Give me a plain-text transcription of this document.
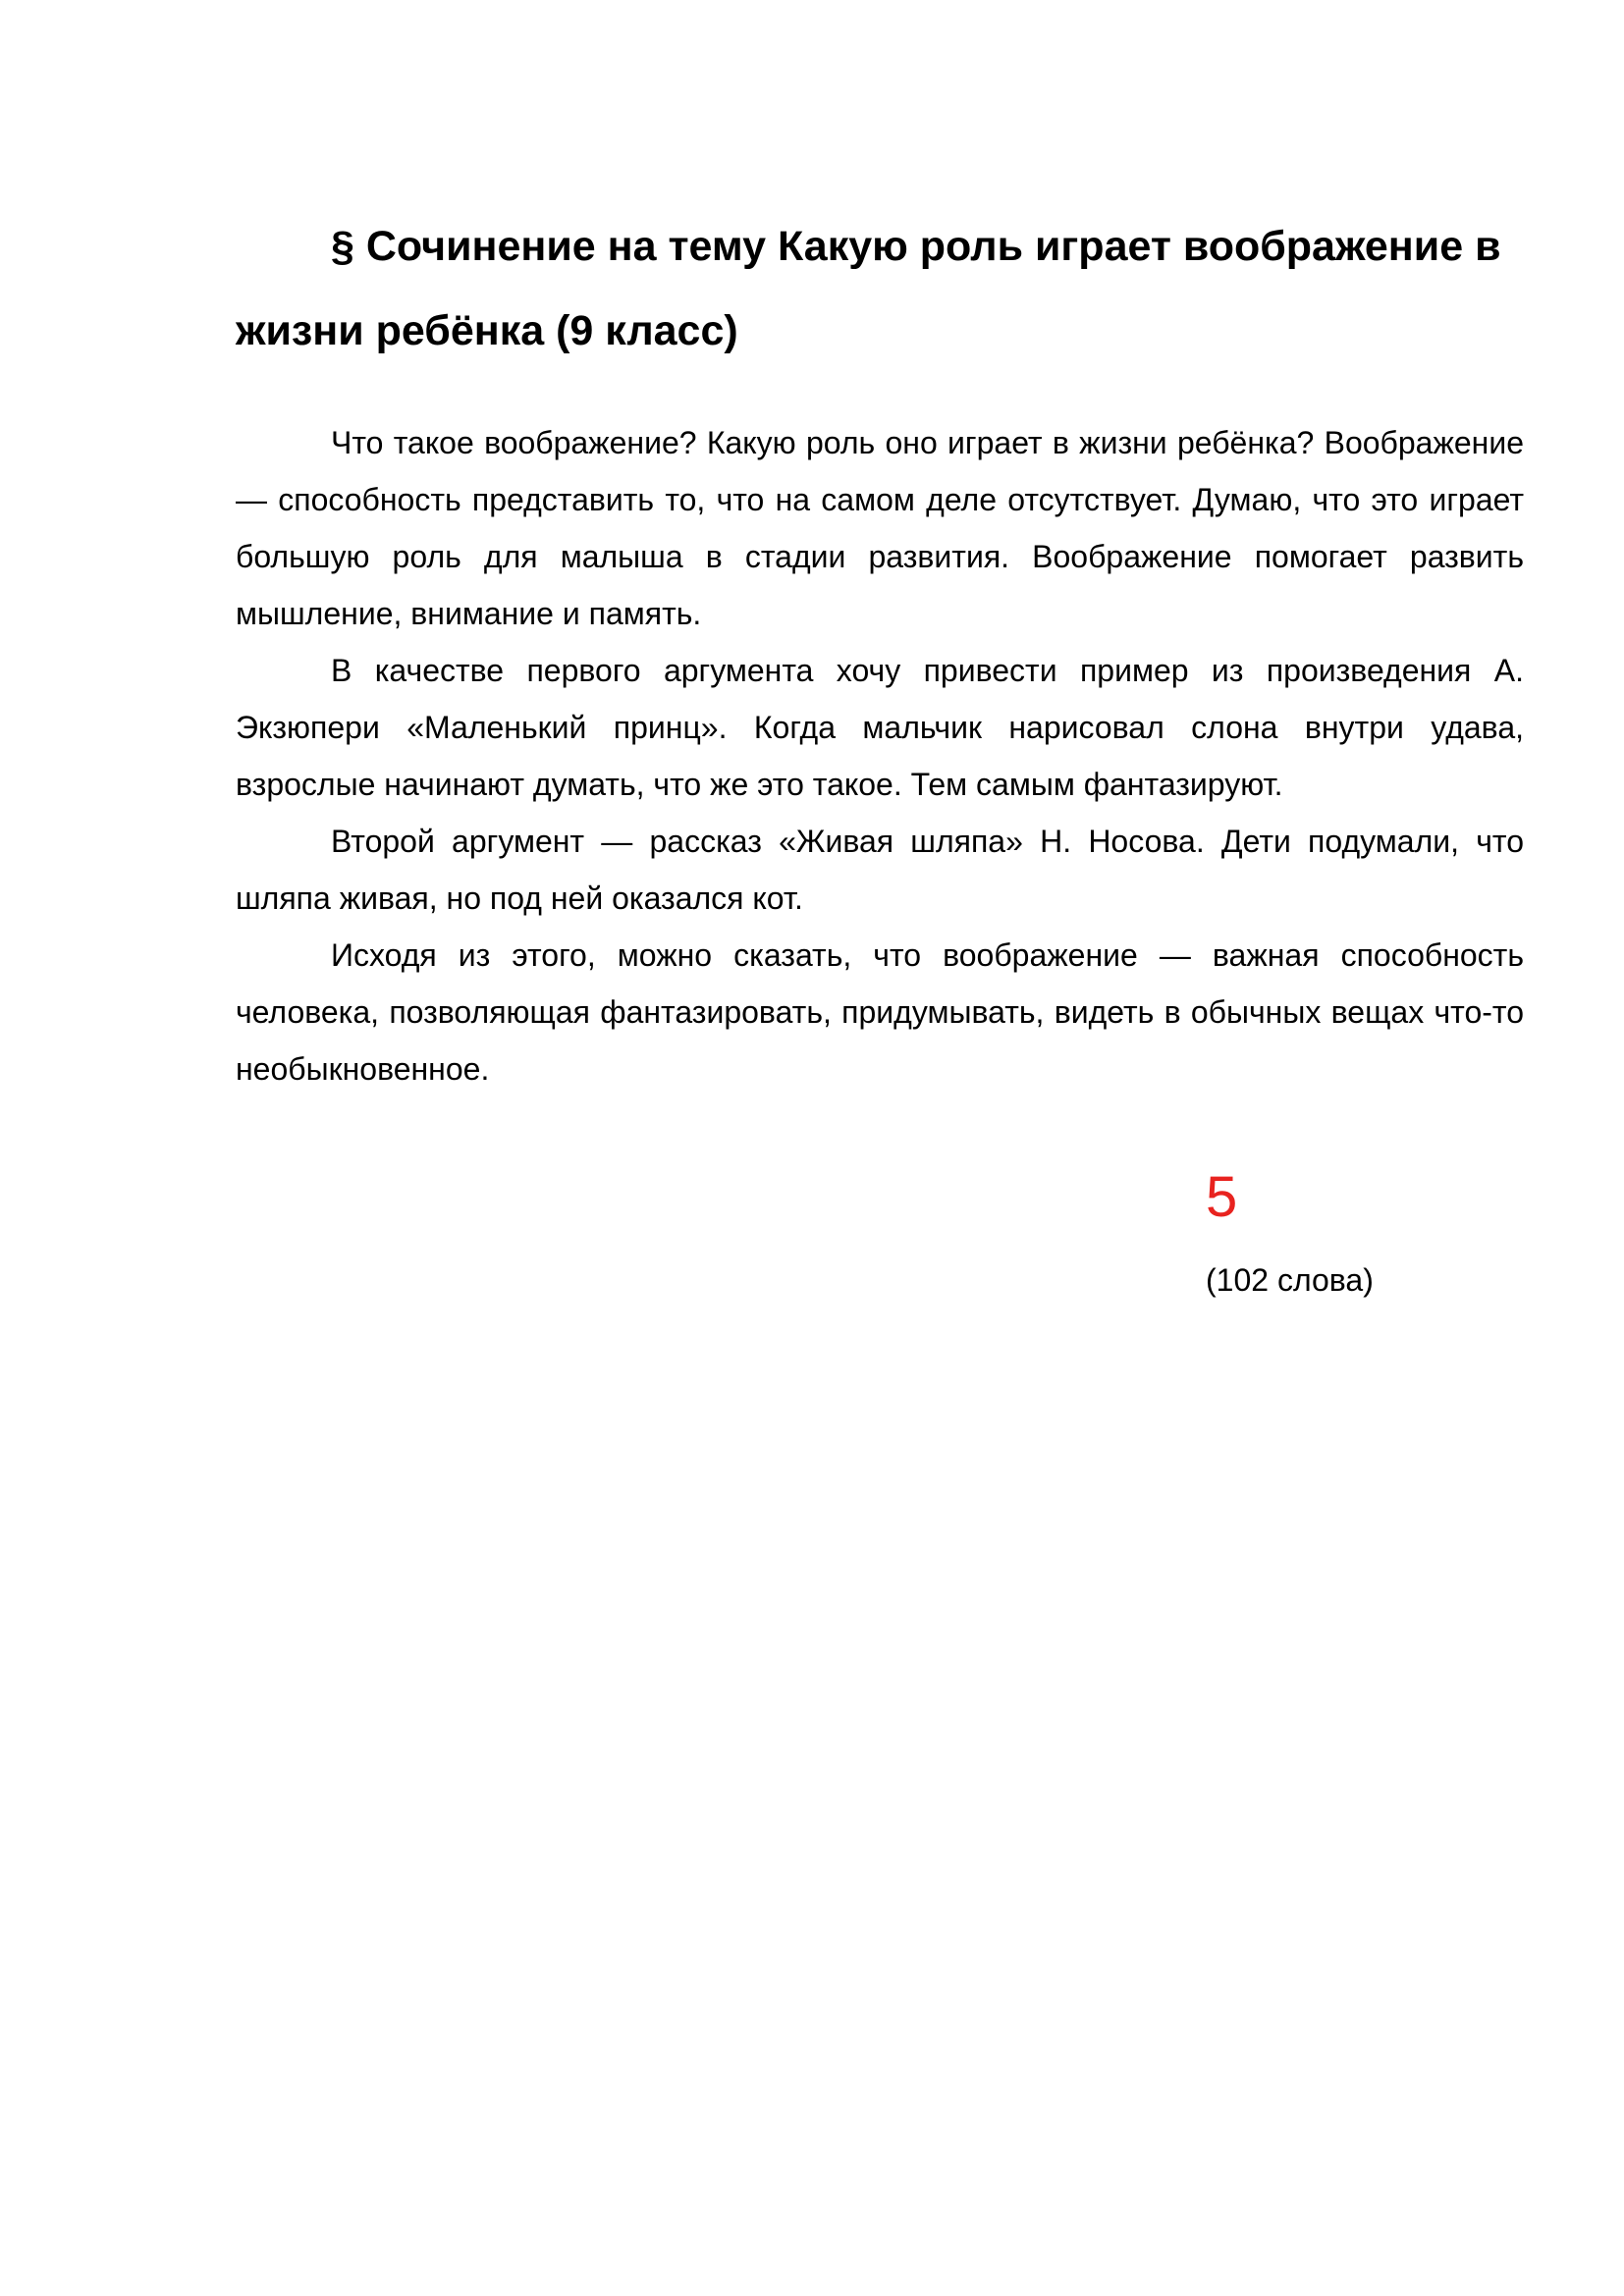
§ Сочинение на тему Какую роль играет воображение в жизни ребёнка (9 класс)

Что такое воображение? Какую роль оно играет в жизни ребёнка? Воображение — способность представить то, что на самом деле отсутствует. Думаю, что это играет большую роль для малыша в стадии развития. Воображение помогает развить мышление, внимание и память.

В качестве первого аргумента хочу привести пример из произведения А. Экзюпери «Маленький принц». Когда мальчик нарисовал слона внутри удава, взрослые начинают думать, что же это такое. Тем самым фантазируют.

Второй аргумент — рассказ «Живая шляпа» Н. Носова. Дети подумали, что шляпа живая, но под ней оказался кот.

Исходя из этого, можно сказать, что воображение — важная способность человека, позволяющая фантазировать, придумывать, видеть в обычных вещах что-то необыкновенное.

5
(102 слова)
